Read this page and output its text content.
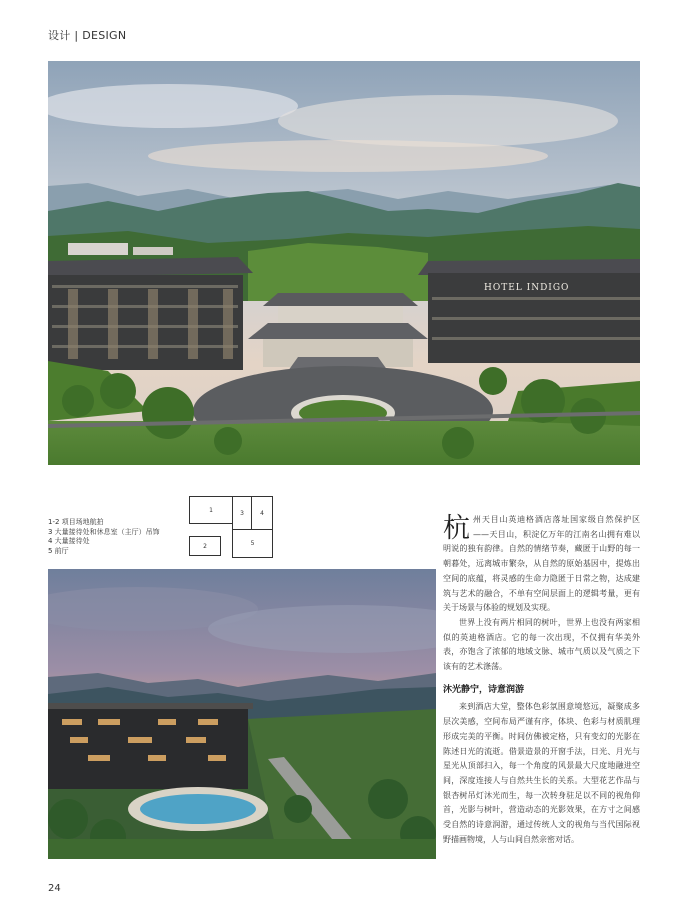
设计 | DESIGN
HOTEL INDIGO
1-2 项目场地航拍
3 大量接待处和休息室（主厅）吊饰
4 大量接待处
5 前厅
1	3	4
2	5	杭州天目山英迪格酒店落址国家级自然保护区——天目山，积淀亿万年的江南名山拥有难以明说的独有韵律。自然的情绪节奏，藏匿于山野的每一朝暮处，远离城市繁杂，从自然的原始基因中，提炼出空间的底蕴，将灵感的生命力隐匿于日常之物，达成建筑与艺术的融合，不单有空间层面上的逻辑考量，更有关于场景与体验的规划及实现。

世界上没有两片相同的树叶，世界上也没有两家相似的英迪格酒店。它的每一次出现，不仅拥有华美外表，亦饱含了浓郁的地域文脉、城市气质以及气质之下该有的艺术涤荡。

沐光静宁，诗意润游

来到酒店大堂，整体色彩氛围意境悠远，凝聚成多层次美感，空间布局严谨有序，体块、色彩与材质肌理形成完美的平衡。时间仿佛被定格，只有变幻的光影在陈述日光的流逝。借景造景的开窗手法，日光、月光与星光从顶部扫入，每一个角度的风景最大尺度地融进空间，深度连接人与自然共生长的关系。大型花艺作品与银杏树吊灯沐光而生，每一次转身驻足以不同的视角仰首，光影与树叶，营造动态的光影效果，在方寸之间感受自然的诗意润游，通过传统人文的视角与当代国际视野描画物境，人与山间自然亲密对话。

24
